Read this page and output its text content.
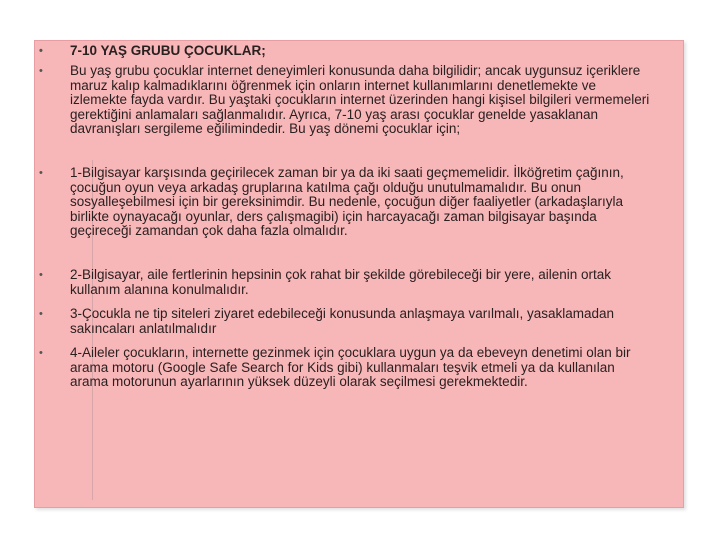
• 7-10 YAŞ GRUBU ÇOCUKLAR;
• Bu yaş grubu çocuklar internet deneyimleri konusunda daha bilgilidir; ancak uygunsuz içeriklere maruz kalıp kalmadıklarını öğrenmek için onların internet kullanımlarını denetlemekte ve izlemekte fayda vardır. Bu yaştaki çocukların internet üzerinden hangi kişisel bilgileri vermemeleri gerektiğini anlamaları sağlanmalıdır. Ayrıca, 7-10 yaş arası çocuklar genelde yasaklanan davranışları sergileme eğilimindedir. Bu yaş dönemi çocuklar için;
• 1-Bilgisayar karşısında geçirilecek zaman bir ya da iki saati geçmemelidir. İlköğretim çağının, çocuğun oyun veya arkadaş gruplarına katılma çağı olduğu unutulmamalıdır. Bu onun sosyalleşebilmesi için bir gereksinimdir. Bu nedenle, çocuğun diğer faaliyetler (arkadaşlarıyla birlikte oynayacağı oyunlar, ders çalışmagibi) için harcayacağı zaman bilgisayar başında geçireceği zamandan çok daha fazla olmalıdır.
• 2-Bilgisayar, aile fertlerinin hepsinin çok rahat bir şekilde görebileceği bir yere, ailenin ortak kullanım alanına konulmalıdır.
• 3-Çocukla ne tip siteleri ziyaret edebileceği konusunda anlaşmaya varılmalı, yasaklamadan sakıncaları anlatılmalıdır
• 4-Aileler çocukların, internette gezinmek için çocuklara uygun ya da ebeveyn denetimi olan bir arama motoru (Google Safe Search for Kids gibi) kullanmaları teşvik etmeli ya da kullanılan arama motorunun ayarlarının yüksek düzeyli olarak seçilmesi gerekmektedir.
